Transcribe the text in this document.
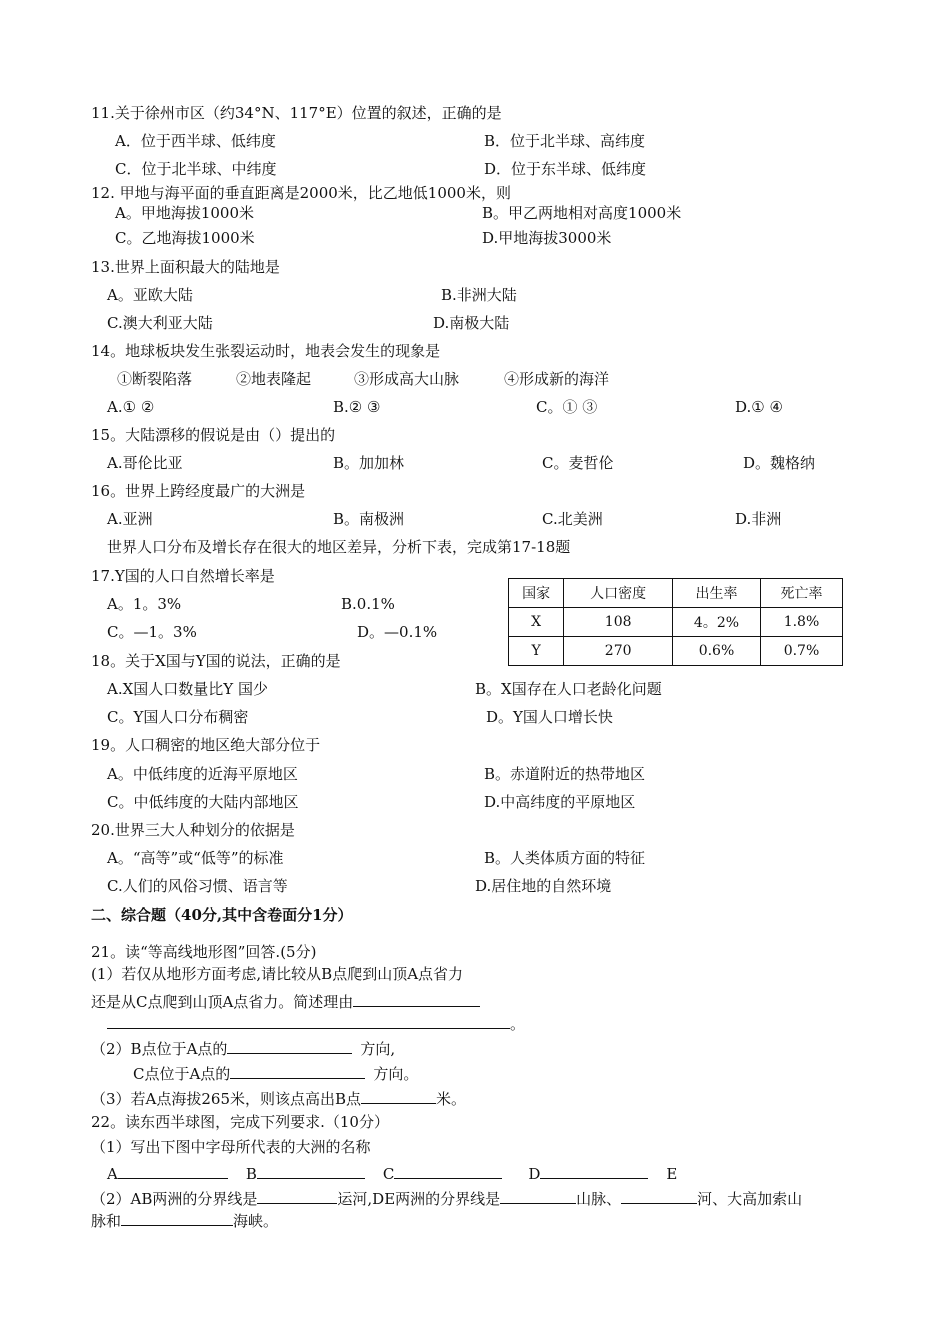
11.关于徐州市区（约34°N、117°E）位置的叙述，正确的是
A．位于西半球、低纬度	B．位于北半球、高纬度
C．位于北半球、中纬度	D．位于东半球、低纬度
12. 甲地与海平面的垂直距离是2000米，比乙地低1000米，则
A。甲地海拔1000米	B。甲乙两地相对高度1000米
C。乙地海拔1000米	D.甲地海拔3000米
13.世界上面积最大的陆地是
A。亚欧大陆	B.非洲大陆
C.澳大利亚大陆	D.南极大陆
14。地球板块发生张裂运动时，地表会发生的现象是
①断裂陷落	②地表隆起	③形成高大山脉	④形成新的海洋
A.① ②	B.② ③	C。① ③	D.① ④
15。大陆漂移的假说是由（）提出的
A.哥伦比亚	B。加加林	C。麦哲伦	D。魏格纳
16。世界上跨经度最广的大洲是
A.亚洲	B。南极洲	C.北美洲	D.非洲
世界人口分布及增长存在很大的地区差异，分析下表，完成第17-18题
17.Y国的人口自然增长率是
A。1。3%	B.0.1%
C。—1。3%	D。—0.1%
国家	人口密度	出生率	死亡率
X	108	4。2%	1.8%
Y	270	0.6%	0.7%
18。关于X国与Y国的说法，正确的是
A.X国人口数量比Y 国少	B。X国存在人口老龄化问题
C。Y国人口分布稠密	D。Y国人口增长快
19。人口稠密的地区绝大部分位于
A。中低纬度的近海平原地区	B。赤道附近的热带地区
C。中低纬度的大陆内部地区	D.中高纬度的平原地区
20.世界三大人种划分的依据是
A。“高等”或“低等”的标准	B。人类体质方面的特征
C.人们的风俗习惯、语言等	D.居住地的自然环境
二、综合题（40分,其中含卷面分1分）
21。读“等高线地形图”回答.(5分)
(1）若仅从地形方面考虑,请比较从B点爬到山顶A点省力
还是从C点爬到山顶A点省力。简述理由
。
（2）B点位于A点的	方向,
C点位于A点的	方向。
（3）若A点海拔265米，则该点高出B点	米。
22。读东西半球图，完成下列要求.（10分）
（1）写出下图中字母所代表的大洲的名称
A	B	C	D	E
（2）AB两洲的分界线是	运河,DE两洲的分界线是	山脉、	河、大高加索山
脉和	海峡。
